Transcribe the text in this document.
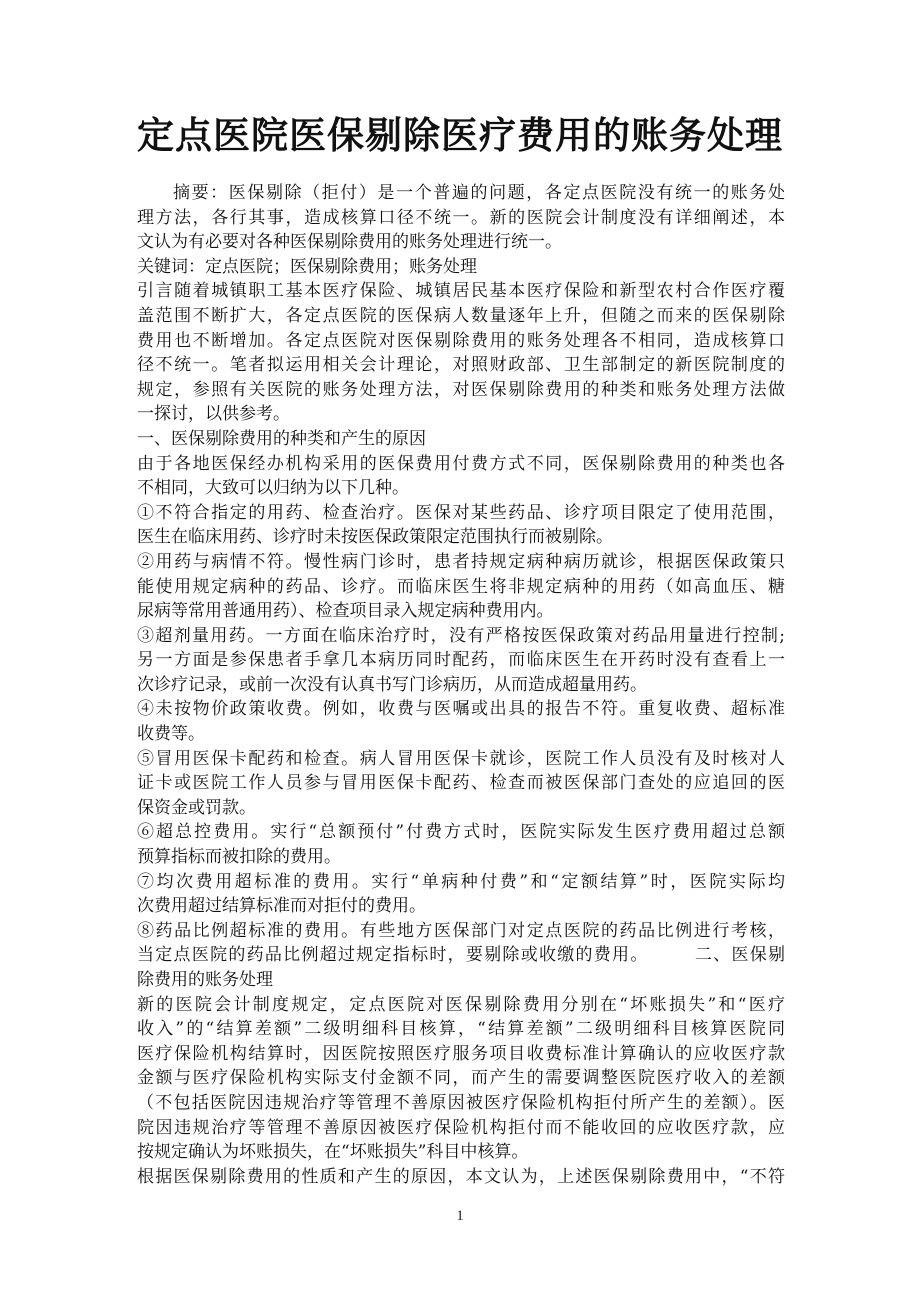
定点医院医保剔除医疗费用的账务处理
摘要：医保剔除（拒付）是一个普遍的问题，各定点医院没有统一的账务处
理方法，各行其事，造成核算口径不统一。新的医院会计制度没有详细阐述，本
文认为有必要对各种医保剔除费用的账务处理进行统一。
关键词：定点医院；医保剔除费用；账务处理
引言随着城镇职工基本医疗保险、城镇居民基本医疗保险和新型农村合作医疗覆
盖范围不断扩大，各定点医院的医保病人数量逐年上升，但随之而来的医保剔除
费用也不断增加。各定点医院对医保剔除费用的账务处理各不相同，造成核算口
径不统一。笔者拟运用相关会计理论，对照财政部、卫生部制定的新医院制度的
规定，参照有关医院的账务处理方法，对医保剔除费用的种类和账务处理方法做
一探讨，以供参考。
一、医保剔除费用的种类和产生的原因
由于各地医保经办机构采用的医保费用付费方式不同，医保剔除费用的种类也各
不相同，大致可以归纳为以下几种。
①不符合指定的用药、检查治疗。医保对某些药品、诊疗项目限定了使用范围，
医生在临床用药、诊疗时未按医保政策限定范围执行而被剔除。
②用药与病情不符。慢性病门诊时，患者持规定病种病历就诊，根据医保政策只
能使用规定病种的药品、诊疗。而临床医生将非规定病种的用药（如高血压、糖
尿病等常用普通用药）、检查项目录入规定病种费用内。
③超剂量用药。一方面在临床治疗时，没有严格按医保政策对药品用量进行控制;
另一方面是参保患者手拿几本病历同时配药，而临床医生在开药时没有查看上一
次诊疗记录，或前一次没有认真书写门诊病历，从而造成超量用药。
④未按物价政策收费。例如，收费与医嘱或出具的报告不符。重复收费、超标准
收费等。
⑤冒用医保卡配药和检查。病人冒用医保卡就诊，医院工作人员没有及时核对人
证卡或医院工作人员参与冒用医保卡配药、检查而被医保部门查处的应追回的医
保资金或罚款。
⑥超总控费用。实行“总额预付”付费方式时，医院实际发生医疗费用超过总额
预算指标而被扣除的费用。
⑦均次费用超标准的费用。实行“单病种付费”和“定额结算”时，医院实际均
次费用超过结算标准而对拒付的费用。
⑧药品比例超标准的费用。有些地方医保部门对定点医院的药品比例进行考核，
当定点医院的药品比例超过规定指标时，要剔除或收缴的费用。　　　二、医保剔
除费用的账务处理
新的医院会计制度规定，定点医院对医保剔除费用分别在“坏账损失”和“医疗
收入”的“结算差额”二级明细科目核算，“结算差额”二级明细科目核算医院同
医疗保险机构结算时，因医院按照医疗服务项目收费标准计算确认的应收医疗款
金额与医疗保险机构实际支付金额不同，而产生的需要调整医院医疗收入的差额
（不包括医院因违规治疗等管理不善原因被医疗保险机构拒付所产生的差额）。医
院因违规治疗等管理不善原因被医疗保险机构拒付而不能收回的应收医疗款，应
按规定确认为坏账损失，在“坏账损失”科目中核算。
根据医保剔除费用的性质和产生的原因，本文认为，上述医保剔除费用中，“不符
1
